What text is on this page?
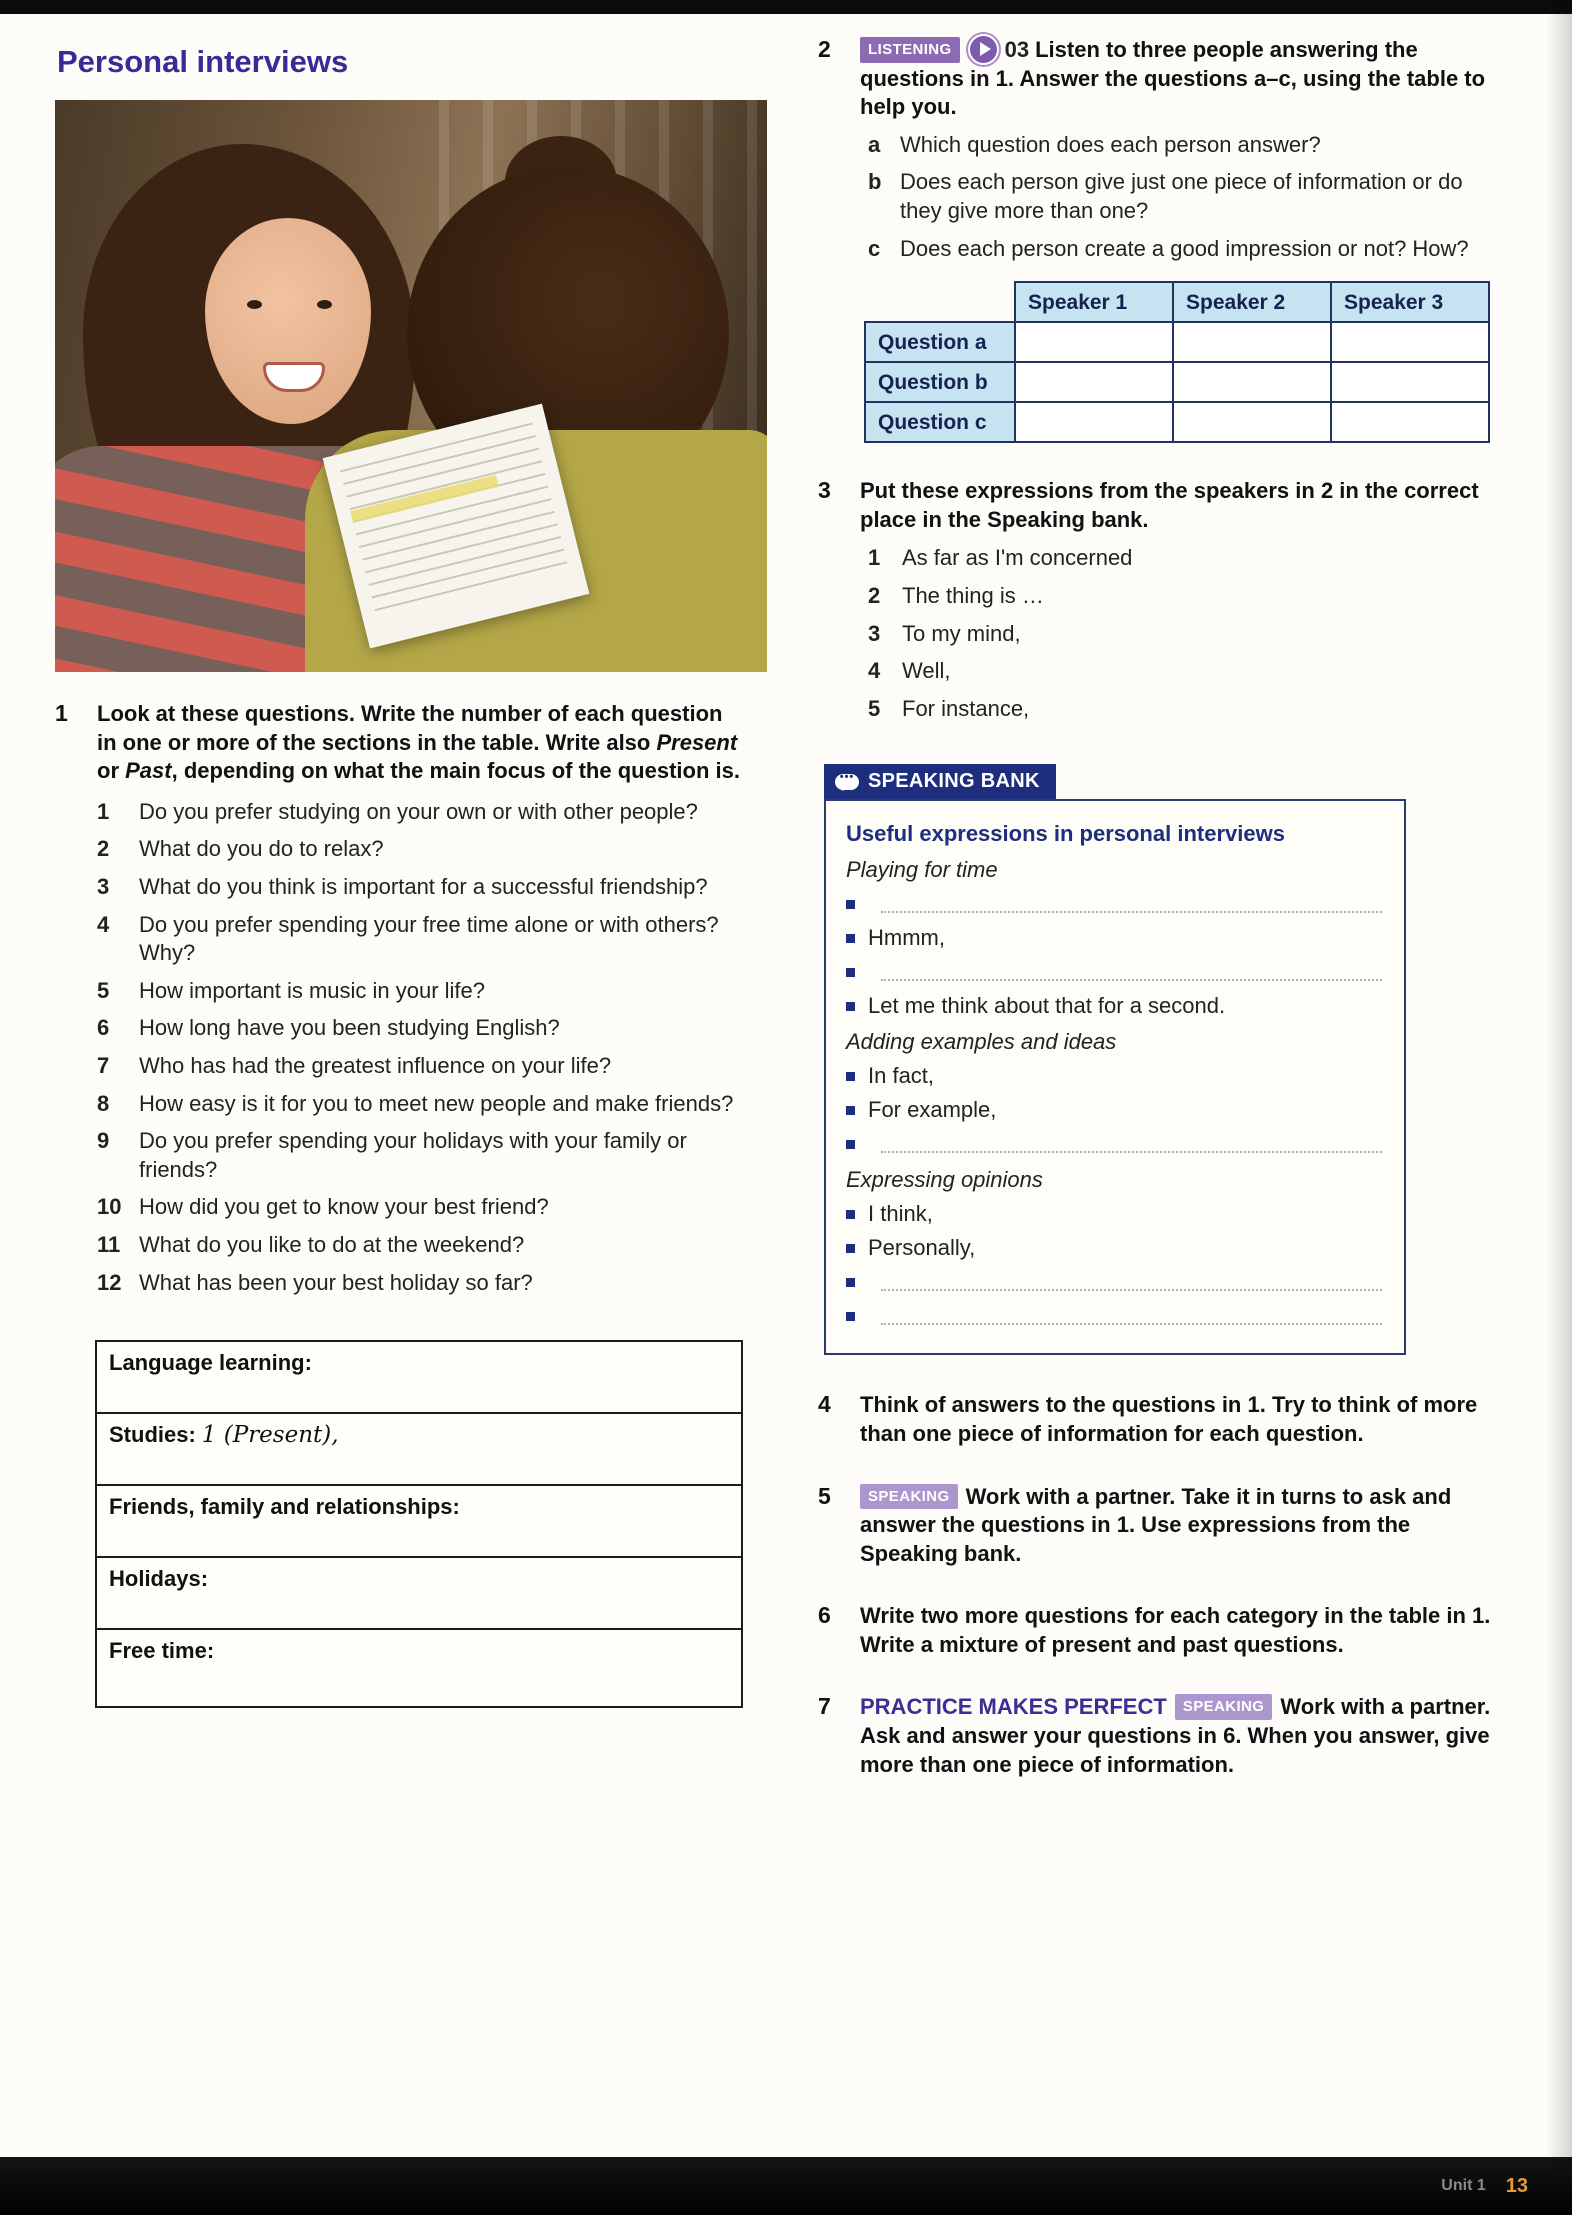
Personal interviews
1	Look at these questions. Write the number of each question in one or more of the sections in the table. Write also Present or Past, depending on what the main focus of the question is.
1	Do you prefer studying on your own or with other people?
2	What do you do to relax?
3	What do you think is important for a successful friendship?
4	Do you prefer spending your free time alone or with others? Why?
5	How important is music in your life?
6	How long have you been studying English?
7	Who has had the greatest influence on your life?
8	How easy is it for you to meet new people and make friends?
9	Do you prefer spending your holidays with your family or friends?
10 How did you get to know your best friend?
11 What do you like to do at the weekend?
12 What has been your best holiday so far?
Language learning:
Studies: 1 (Present),
Friends, family and relationships:
Holidays:
Free time:
2	LISTENING 03 Listen to three people answering the questions in 1. Answer the questions a–c, using the table to help you.
a Which question does each person answer?
b Does each person give just one piece of information or do they give more than one?
c Does each person create a good impression or not? How?
	Speaker 1	Speaker 2	Speaker 3
Question a			
Question b			
Question c			
3	Put these expressions from the speakers in 2 in the correct place in the Speaking bank.
1 As far as I'm concerned
2 The thing is …
3 To my mind,
4 Well,
5 For instance,
•••
SPEAKING BANK
Useful expressions in personal interviews
Playing for time
Hmmm,
Let me think about that for a second.
Adding examples and ideas
In fact,
For example,
Expressing opinions
I think,
Personally,
4	Think of answers to the questions in 1. Try to think of more than one piece of information for each question.
5	SPEAKING Work with a partner. Take it in turns to ask and answer the questions in 1. Use expressions from the Speaking bank.
6	Write two more questions for each category in the table in 1. Write a mixture of present and past questions.
7	PRACTICE MAKES PERFECT SPEAKING Work with a partner. Ask and answer your questions in 6. When you answer, give more than one piece of information.
Unit 1 13
